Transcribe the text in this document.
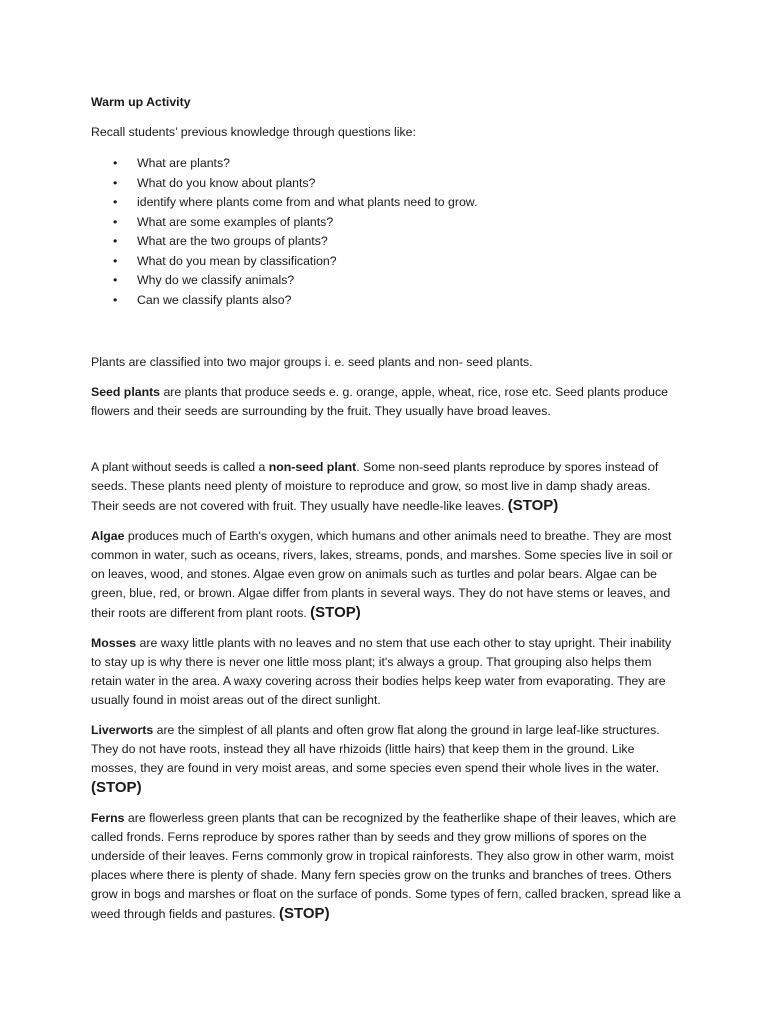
Warm up Activity
Recall students’ previous knowledge through questions like:
• What are plants?
• What do you know about plants?
• identify where plants come from and what plants need to grow.
• What are some examples of plants?
• What are the two groups of plants?
• What do you mean by classification?
• Why do we classify animals?
• Can we classify plants also?

Plants are classified into two major groups i. e. seed plants and non- seed plants.

Seed plants are plants that produce seeds e. g. orange, apple, wheat, rice, rose etc. Seed plants produce flowers and their seeds are surrounding by the fruit. They usually have broad leaves.

A plant without seeds is called a non-seed plant. Some non-seed plants reproduce by spores instead of seeds. These plants need plenty of moisture to reproduce and grow, so most live in damp shady areas. Their seeds are not covered with fruit. They usually have needle-like leaves. (STOP)

Algae produces much of Earth's oxygen, which humans and other animals need to breathe. They are most common in water, such as oceans, rivers, lakes, streams, ponds, and marshes. Some species live in soil or on leaves, wood, and stones. Algae even grow on animals such as turtles and polar bears. Algae can be green, blue, red, or brown. Algae differ from plants in several ways. They do not have stems or leaves, and their roots are different from plant roots. (STOP)

Mosses are waxy little plants with no leaves and no stem that use each other to stay upright. Their inability to stay up is why there is never one little moss plant; it's always a group. That grouping also helps them retain water in the area. A waxy covering across their bodies helps keep water from evaporating. They are usually found in moist areas out of the direct sunlight.

Liverworts are the simplest of all plants and often grow flat along the ground in large leaf-like structures. They do not have roots, instead they all have rhizoids (little hairs) that keep them in the ground. Like mosses, they are found in very moist areas, and some species even spend their whole lives in the water. (STOP)

Ferns are flowerless green plants that can be recognized by the featherlike shape of their leaves, which are called fronds. Ferns reproduce by spores rather than by seeds and they grow millions of spores on the underside of their leaves. Ferns commonly grow in tropical rainforests. They also grow in other warm, moist places where there is plenty of shade. Many fern species grow on the trunks and branches of trees. Others grow in bogs and marshes or float on the surface of ponds. Some types of fern, called bracken, spread like a weed through fields and pastures. (STOP)
